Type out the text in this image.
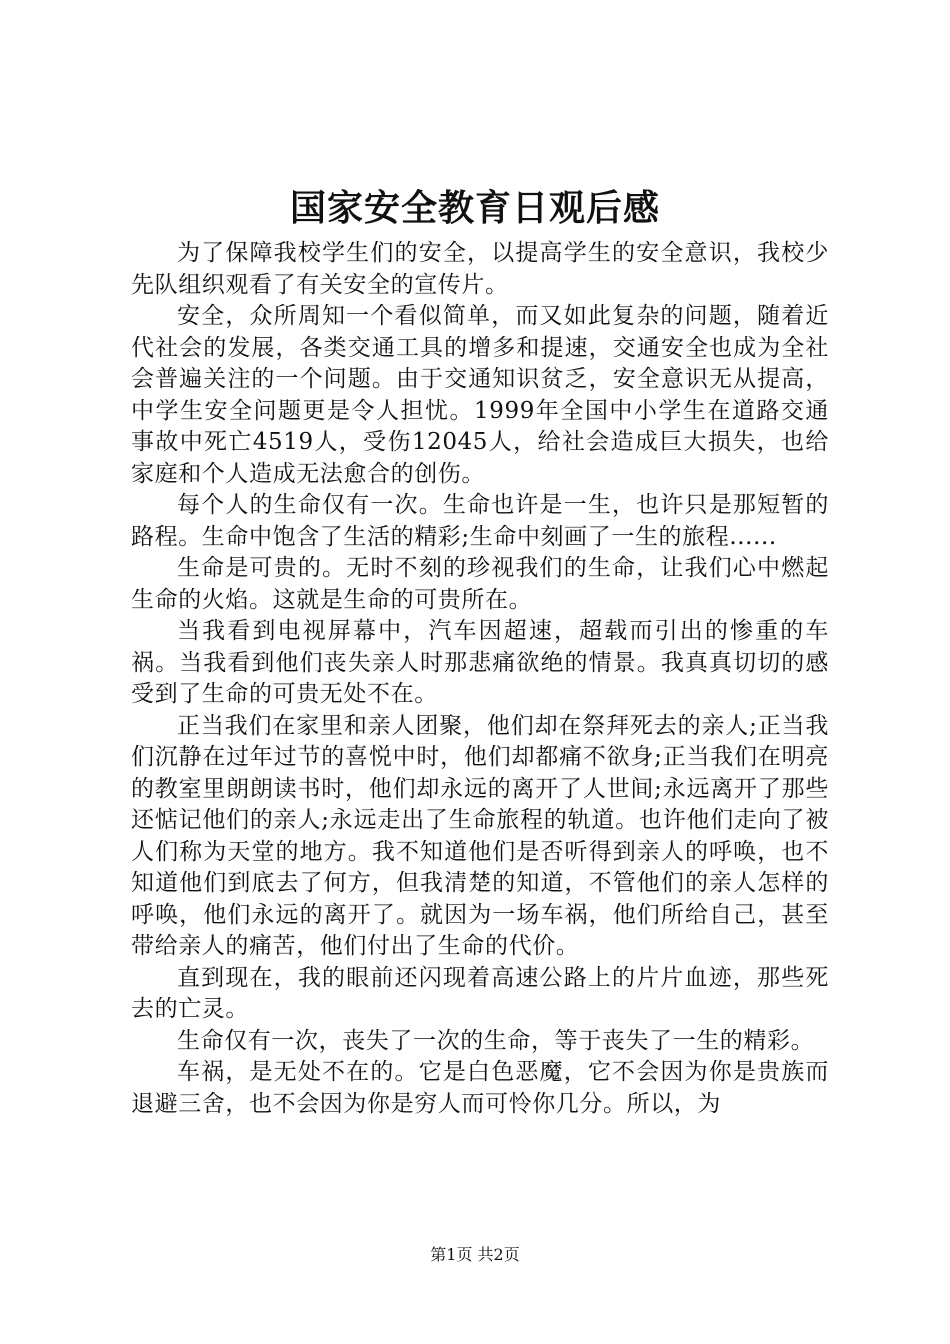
国家安全教育日观后感

为了保障我校学生们的安全，以提高学生的安全意识，我校少先队组织观看了有关安全的宣传片。

安全，众所周知一个看似简单，而又如此复杂的问题，随着近代社会的发展，各类交通工具的增多和提速，交通安全也成为全社会普遍关注的一个问题。由于交通知识贫乏，安全意识无从提高，中学生安全问题更是令人担忧。1999年全国中小学生在道路交通事故中死亡4519人，受伤12045人，给社会造成巨大损失，也给家庭和个人造成无法愈合的创伤。

每个人的生命仅有一次。生命也许是一生，也许只是那短暂的路程。生命中饱含了生活的精彩;生命中刻画了一生的旅程......

生命是可贵的。无时不刻的珍视我们的生命，让我们心中燃起生命的火焰。这就是生命的可贵所在。

当我看到电视屏幕中，汽车因超速，超载而引出的惨重的车祸。当我看到他们丧失亲人时那悲痛欲绝的情景。我真真切切的感受到了生命的可贵无处不在。

正当我们在家里和亲人团聚，他们却在祭拜死去的亲人;正当我们沉静在过年过节的喜悦中时，他们却都痛不欲身;正当我们在明亮的教室里朗朗读书时，他们却永远的离开了人世间;永远离开了那些还惦记他们的亲人;永远走出了生命旅程的轨道。也许他们走向了被人们称为天堂的地方。我不知道他们是否听得到亲人的呼唤，也不知道他们到底去了何方，但我清楚的知道，不管他们的亲人怎样的呼唤，他们永远的离开了。就因为一场车祸，他们所给自己，甚至带给亲人的痛苦，他们付出了生命的代价。

直到现在，我的眼前还闪现着高速公路上的片片血迹，那些死去的亡灵。

生命仅有一次，丧失了一次的生命，等于丧失了一生的精彩。

车祸，是无处不在的。它是白色恶魔，它不会因为你是贵族而退避三舍，也不会因为你是穷人而可怜你几分。所以，为

第1页 共2页
